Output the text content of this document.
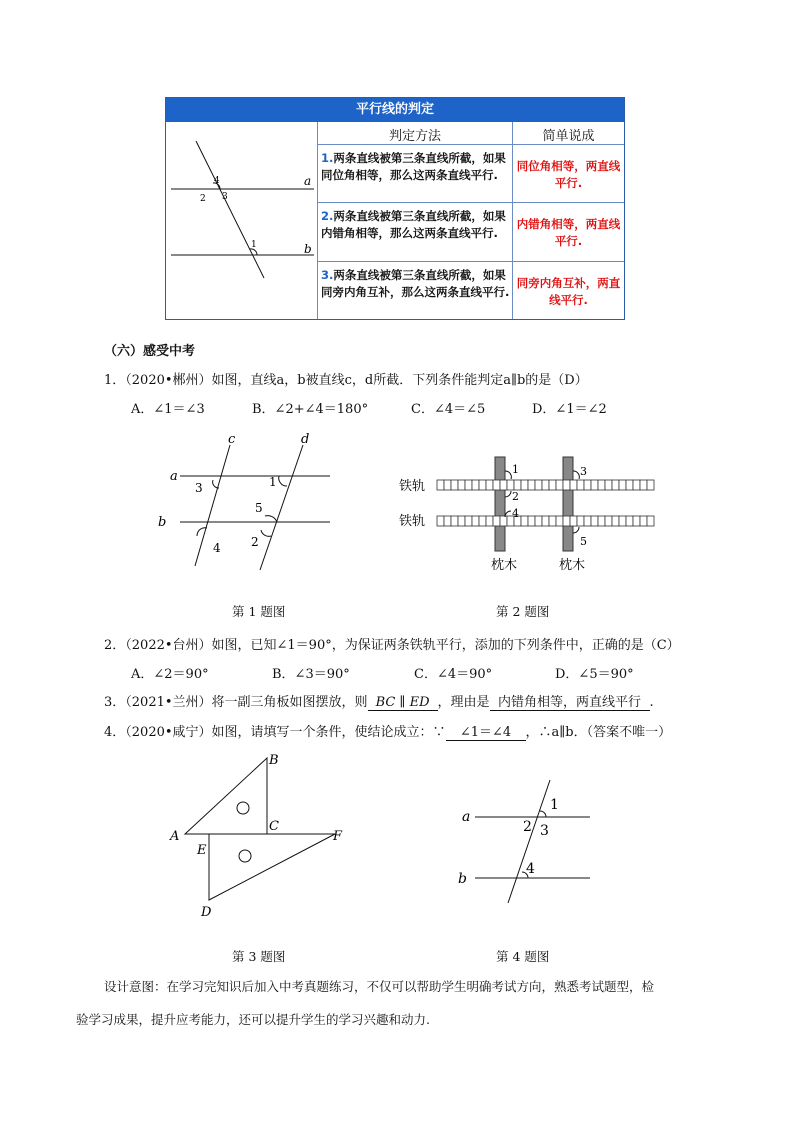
平行线的判定
判定方法	简单说成
1.两条直线被第三条直线所截，如果同位角相等，那么这两条直线平行.
同位角相等，两直线平行.
2.两条直线被第三条直线所截，如果内错角相等，那么这两条直线平行.
内错角相等，两直线平行.
3.两条直线被第三条直线所截，如果同旁内角互补，那么这两条直线平行.
同旁内角互补，两直线平行.
4
2 3
1
a
b
（六）感受中考
1．（2020•郴州）如图，直线a，b被直线c，d所截．下列条件能判定a∥b的是（D）
A．∠1＝∠3	B．∠2+∠4＝180°	C．∠4＝∠5	D．∠1＝∠2
3	1
5
2
4
a
b
c	d
铁轨
铁轨
枕木	枕木
1
2
3
4
5
第 1 题图	第 2 题图
2．（2022•台州）如图，已知∠1＝90°，为保证两条铁轨平行，添加的下列条件中，正确的是（C）
A．∠2＝90°	B．∠3＝90°	C．∠4＝90°	D．∠5＝90°
3．（2021•兰州）将一副三角板如图摆放，则 BC ∥ ED ，理由是 内错角相等，两直线平行 .
4．（2020•咸宁）如图，请填写一个条件，使结论成立：∵ ∠1＝∠4 ，∴a∥b．（答案不唯一）
A
B
C
E
F
D
1
2 3
4
a
b
第 3 题图	第 4 题图
设计意图：在学习完知识后加入中考真题练习，不仅可以帮助学生明确考试方向，熟悉考试题型，检
验学习成果，提升应考能力，还可以提升学生的学习兴趣和动力.
